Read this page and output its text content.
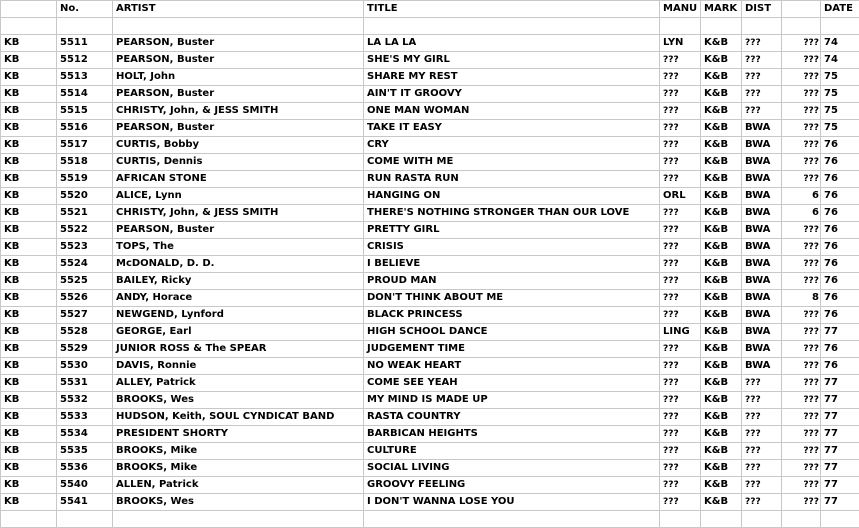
	No.	ARTIST	TITLE	MANU	MARK	DIST		DATE

KB	5511	PEARSON, Buster	LA LA LA	LYN	K&B	???	???	74
KB	5512	PEARSON, Buster	SHE'S MY GIRL	???	K&B	???	???	74
KB	5513	HOLT, John	SHARE MY REST	???	K&B	???	???	75
KB	5514	PEARSON, Buster	AIN'T IT GROOVY	???	K&B	???	???	75
KB	5515	CHRISTY, John, & JESS SMITH	ONE MAN WOMAN	???	K&B	???	???	75
KB	5516	PEARSON, Buster	TAKE IT EASY	???	K&B	BWA	???	75
KB	5517	CURTIS, Bobby	CRY	???	K&B	BWA	???	76
KB	5518	CURTIS, Dennis	COME WITH ME	???	K&B	BWA	???	76
KB	5519	AFRICAN STONE	RUN RASTA RUN	???	K&B	BWA	???	76
KB	5520	ALICE, Lynn	HANGING ON	ORL	K&B	BWA	6	76
KB	5521	CHRISTY, John, & JESS SMITH	THERE'S NOTHING STRONGER THAN OUR LOVE	???	K&B	BWA	6	76
KB	5522	PEARSON, Buster	PRETTY GIRL	???	K&B	BWA	???	76
KB	5523	TOPS, The	CRISIS	???	K&B	BWA	???	76
KB	5524	McDONALD, D. D.	I BELIEVE	???	K&B	BWA	???	76
KB	5525	BAILEY, Ricky	PROUD MAN	???	K&B	BWA	???	76
KB	5526	ANDY, Horace	DON'T THINK ABOUT ME	???	K&B	BWA	8	76
KB	5527	NEWGEND, Lynford	BLACK PRINCESS	???	K&B	BWA	???	76
KB	5528	GEORGE, Earl	HIGH SCHOOL DANCE	LING	K&B	BWA	???	77
KB	5529	JUNIOR ROSS & The SPEAR	JUDGEMENT TIME	???	K&B	BWA	???	76
KB	5530	DAVIS, Ronnie	NO WEAK HEART	???	K&B	BWA	???	76
KB	5531	ALLEY, Patrick	COME SEE YEAH	???	K&B	???	???	77
KB	5532	BROOKS, Wes	MY MIND IS MADE UP	???	K&B	???	???	77
KB	5533	HUDSON, Keith, SOUL CYNDICAT BAND	RASTA COUNTRY	???	K&B	???	???	77
KB	5534	PRESIDENT SHORTY	BARBICAN HEIGHTS	???	K&B	???	???	77
KB	5535	BROOKS, Mike	CULTURE	???	K&B	???	???	77
KB	5536	BROOKS, Mike	SOCIAL LIVING	???	K&B	???	???	77
KB	5540	ALLEN, Patrick	GROOVY FEELING	???	K&B	???	???	77
KB	5541	BROOKS, Wes	I DON'T WANNA LOSE YOU	???	K&B	???	???	77
